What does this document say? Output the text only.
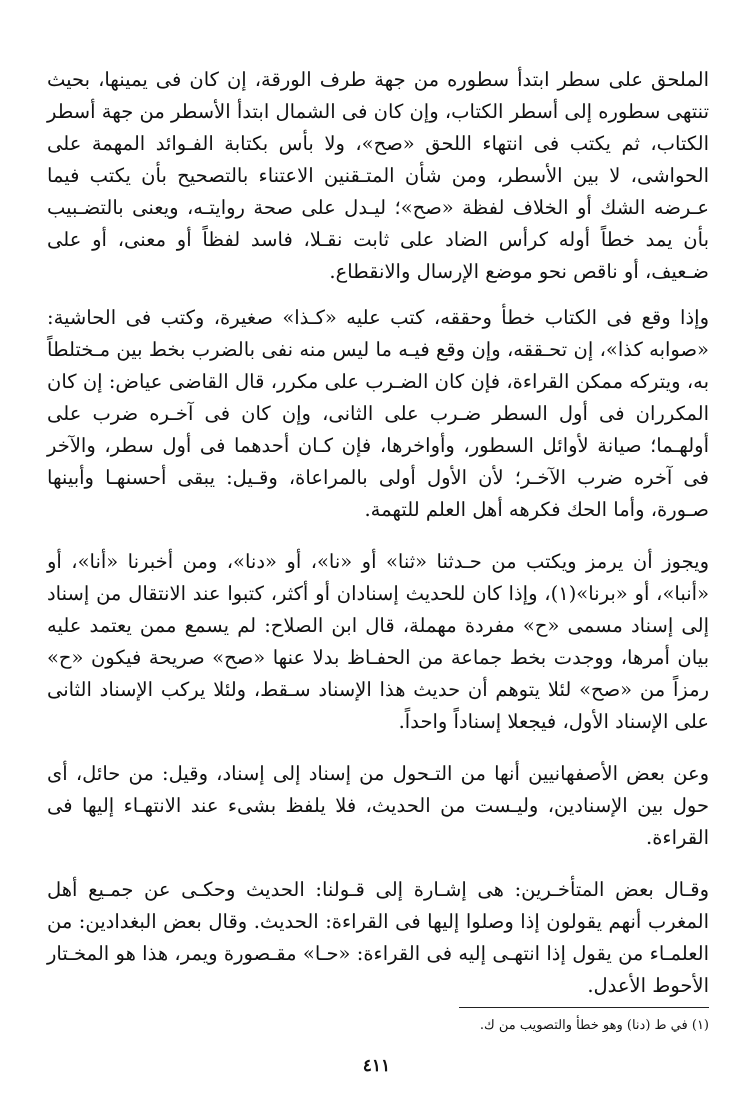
الملحق على سطر ابتدأ سطوره من جهة طرف الورقة، إن كان فى يمينها، بحيث تنتهى سطوره إلى أسطر الكتاب، وإن كان فى الشمال ابتدأ الأسطر من جهة أسطر الكتاب، ثم يكتب فى انتهاء اللحق «صح»، ولا بأس بكتابة الفـوائد المهمة على الحواشى، لا بين الأسطر، ومن شأن المتـقنين الاعتناء بالتصحيح بأن يكتب فيما عـرضه الشك أو الخلاف لفظة «صح»؛ ليـدل على صحة روايتـه، ويعنى بالتضـبيب بأن يمد خطاً أوله كرأس الضاد على ثابت نقـلا، فاسد لفظاً أو معنى، أو على ضـعيف، أو ناقص نحو موضع الإرسال والانقطاع.

وإذا وقع فى الكتاب خطأ وحققه، كتب عليه «كـذا» صغيرة، وكتب فى الحاشية: «صوابه كذا»، إن تحـققه، وإن وقع فيـه ما ليس منه نفى بالضرب بخط بين مـختلطاً به، ويتركه ممكن القراءة، فإن كان الضـرب على مكرر، قال القاضى عياض: إن كان المكرران فى أول السطر ضـرب على الثانى، وإن كان فى آخـره ضرب على أولهـما؛ صيانة لأوائل السطور، وأواخرها، فإن كـان أحدهما فى أول سطر، والآخر فى آخره ضرب الآخـر؛ لأن الأول أولى بالمراعاة، وقـيل: يبقى أحسنهـا وأبينها صـورة، وأما الحك فكرهه أهل العلم للتهمة.

ويجوز أن يرمز ويكتب من حـدثنا «ثنا» أو «نا»، أو «دنا»، ومن أخبرنا «أنا»، أو «أنبا»، أو «برنا»(١)، وإذا كان للحديث إسنادان أو أكثر، كتبوا عند الانتقال من إسناد إلى إسناد مسمى «ح» مفردة مهملة، قال ابن الصلاح: لم يسمع ممن يعتمد عليه بيان أمرها، ووجدت بخط جماعة من الحفـاظ بدلا عنها «صح» صريحة فيكون «ح» رمزاً من «صح» لئلا يتوهم أن حديث هذا الإسناد سـقط، ولئلا يركب الإسناد الثانى على الإسناد الأول، فيجعلا إسناداً واحداً.

وعن بعض الأصفهانيين أنها من التـحول من إسناد إلى إسناد، وقيل: من حائل، أى حول بين الإسنادين، وليـست من الحديث، فلا يلفظ بشىء عند الانتهـاء إليها فى القراءة.

وقـال بعض المتأخـرين: هى إشـارة إلى قـولنا: الحديث وحكـى عن جمـيع أهل المغرب أنهم يقولون إذا وصلوا إليها فى القراءة: الحديث. وقال بعض البغدادين: من العلمـاء من يقول إذا انتهـى إليه فى القراءة: «حـا» مقـصورة ويمر، هذا هو المخـتار الأحوط الأعدل.

(١) في ط (دنا) وهو خطأ والتصويب من ك.
٤١١
